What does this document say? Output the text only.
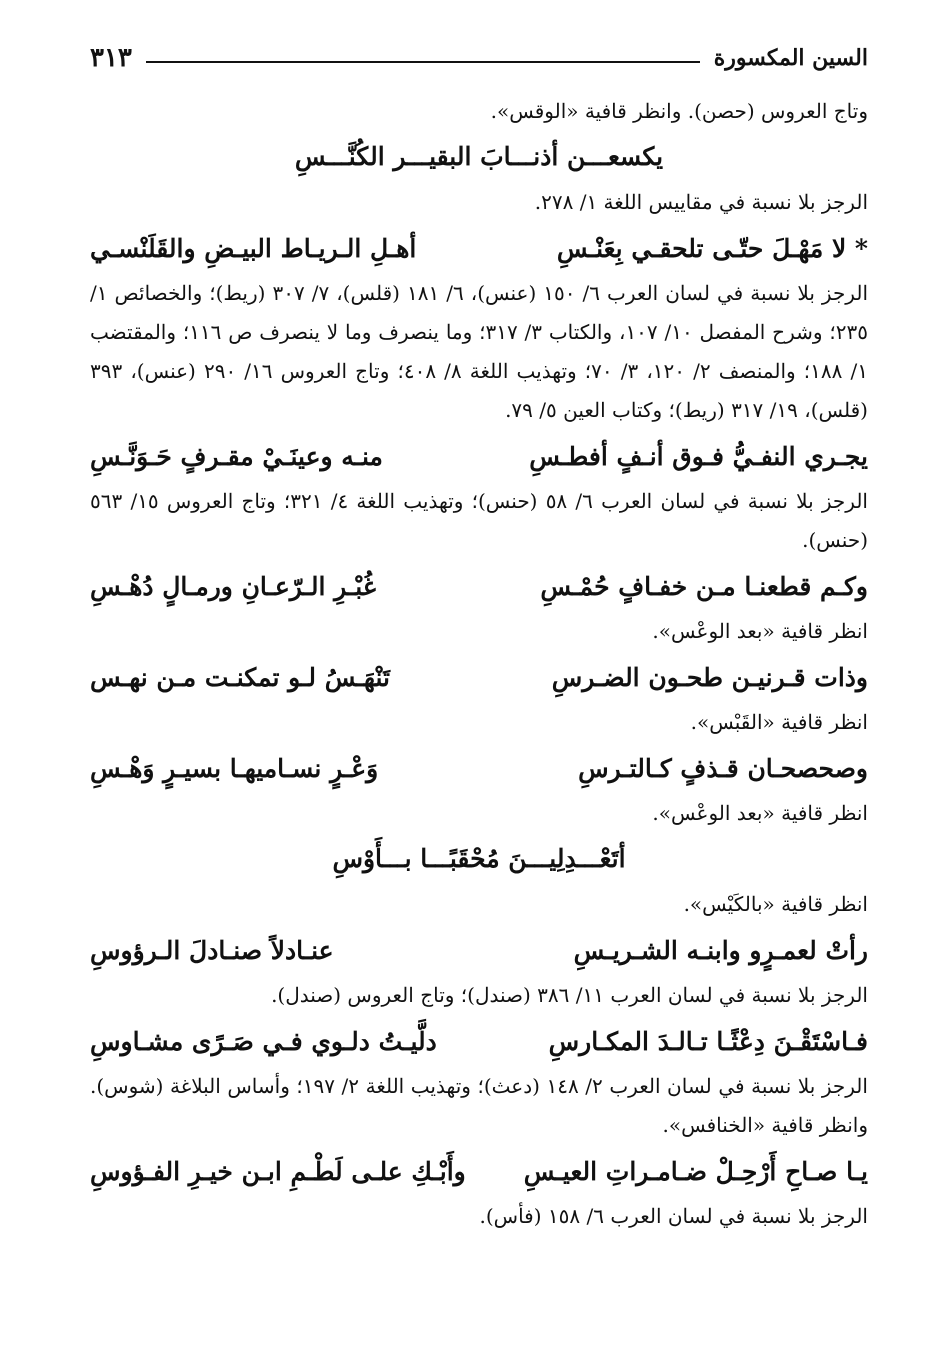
السين المكسورة
٣١٣

وتاج العروس (حصن). وانظر قافية «الوقس».

يكسعـــن أذنـــابَ البقيـــر الكُنَّـــسِ

الرجز بلا نسبة في مقاييس اللغة ١/ ٢٧٨.

* لا مَهْـلَ حتّـى تلحقـي بِعَنْـسِ
أهـلِ الـريـاط البيـضِ والقَلَنْسـي

الرجز بلا نسبة في لسان العرب ٦/ ١٥٠ (عنس)، ٦/ ١٨١ (قلس)، ٧/ ٣٠٧ (ريط)؛ والخصائص ١/ ٢٣٥؛ وشرح المفصل ١٠/ ١٠٧، والكتاب ٣/ ٣١٧؛ وما ينصرف وما لا ينصرف ص ١١٦؛ والمقتضب ١/ ١٨٨؛ والمنصف ٢/ ١٢٠، ٣/ ٧٠؛ وتهذيب اللغة ٨/ ٤٠٨؛ وتاج العروس ١٦/ ٢٩٠ (عنس)، ٣٩٣ (قلس)، ١٩/ ٣١٧ (ريط)؛ وكتاب العين ٥/ ٧٩.

يجـري النفـيُّ فـوق أنـفٍ أفطـسِ
منـه وعينَـيْ مقـرفٍ حَـوَنَّـسِ

الرجز بلا نسبة في لسان العرب ٦/ ٥٨ (حنس)؛ وتهذيب اللغة ٤/ ٣٢١؛ وتاج العروس ١٥/ ٥٦٣ (حنس).

وكـم قطعنـا مـن خفـافٍ حُمْـسِ
غُبْـرِ الـرّعـانِ ورمـالٍ دُهْـسِ

انظر قافية «بعد الوعْس».

وذات قـرنيـن طحـون الضـرسِ
تَنْهَـسُ لـو تمكنـت مـن نهـس

انظر قافية «القَبْس».

وصحصحـان قـذفٍ كـالتـرسِ
وَعْـرٍ نسـاميهـا بسيـرٍ وَهْـسِ

انظر قافية «بعد الوعْس».

أتَعْـــدِلِيـــنَ مُحْقَبًـــا بـــأَوْسِ

انظر قافية «بالكَيْس».

رأتْ لعمـرٍو وابنـه الشـريـسِ
عنـادلاً صنـادلَ الـرؤوسِ

الرجز بلا نسبة في لسان العرب ١١/ ٣٨٦ (صندل)؛ وتاج العروس (صندل).

فـاسْتَقْـنَ دِعْثًـا تـالـدَ المكـارسِ
دلَّيـتُ دلـوي فـي صَـرًى مشـاوسِ

الرجز بلا نسبة في لسان العرب ٢/ ١٤٨ (دعث)؛ وتهذيب اللغة ٢/ ١٩٧؛ وأساس البلاغة (شوس). وانظر قافية «الخنافس».

يـا صـاحِ أَرْحِـلْ ضـامـراتِ العيـسِ
وأَبْـكِ علـى لَطْـمِ ابـن خيـرِ الفـؤوسِ

الرجز بلا نسبة في لسان العرب ٦/ ١٥٨ (فأس).
